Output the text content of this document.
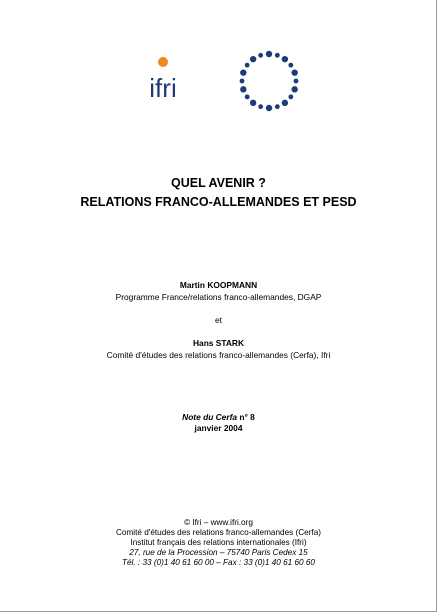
ifri
QUEL AVENIR ?
RELATIONS FRANCO-ALLEMANDES ET PESD
Martin KOOPMANN
Programme France/relations franco-allemandes, DGAP
et
Hans STARK
Comité d'études des relations franco-allemandes (Cerfa), Ifri
Note du Cerfa n° 8
janvier 2004
© Ifri – www.ifri.org
Comité d'études des relations franco-allemandes (Cerfa)
Institut français des relations internationales (Ifri)
27, rue de la Procession – 75740 Paris Cedex 15
Tél. : 33 (0)1 40 61 60 00 – Fax : 33 (0)1 40 61 60 60
